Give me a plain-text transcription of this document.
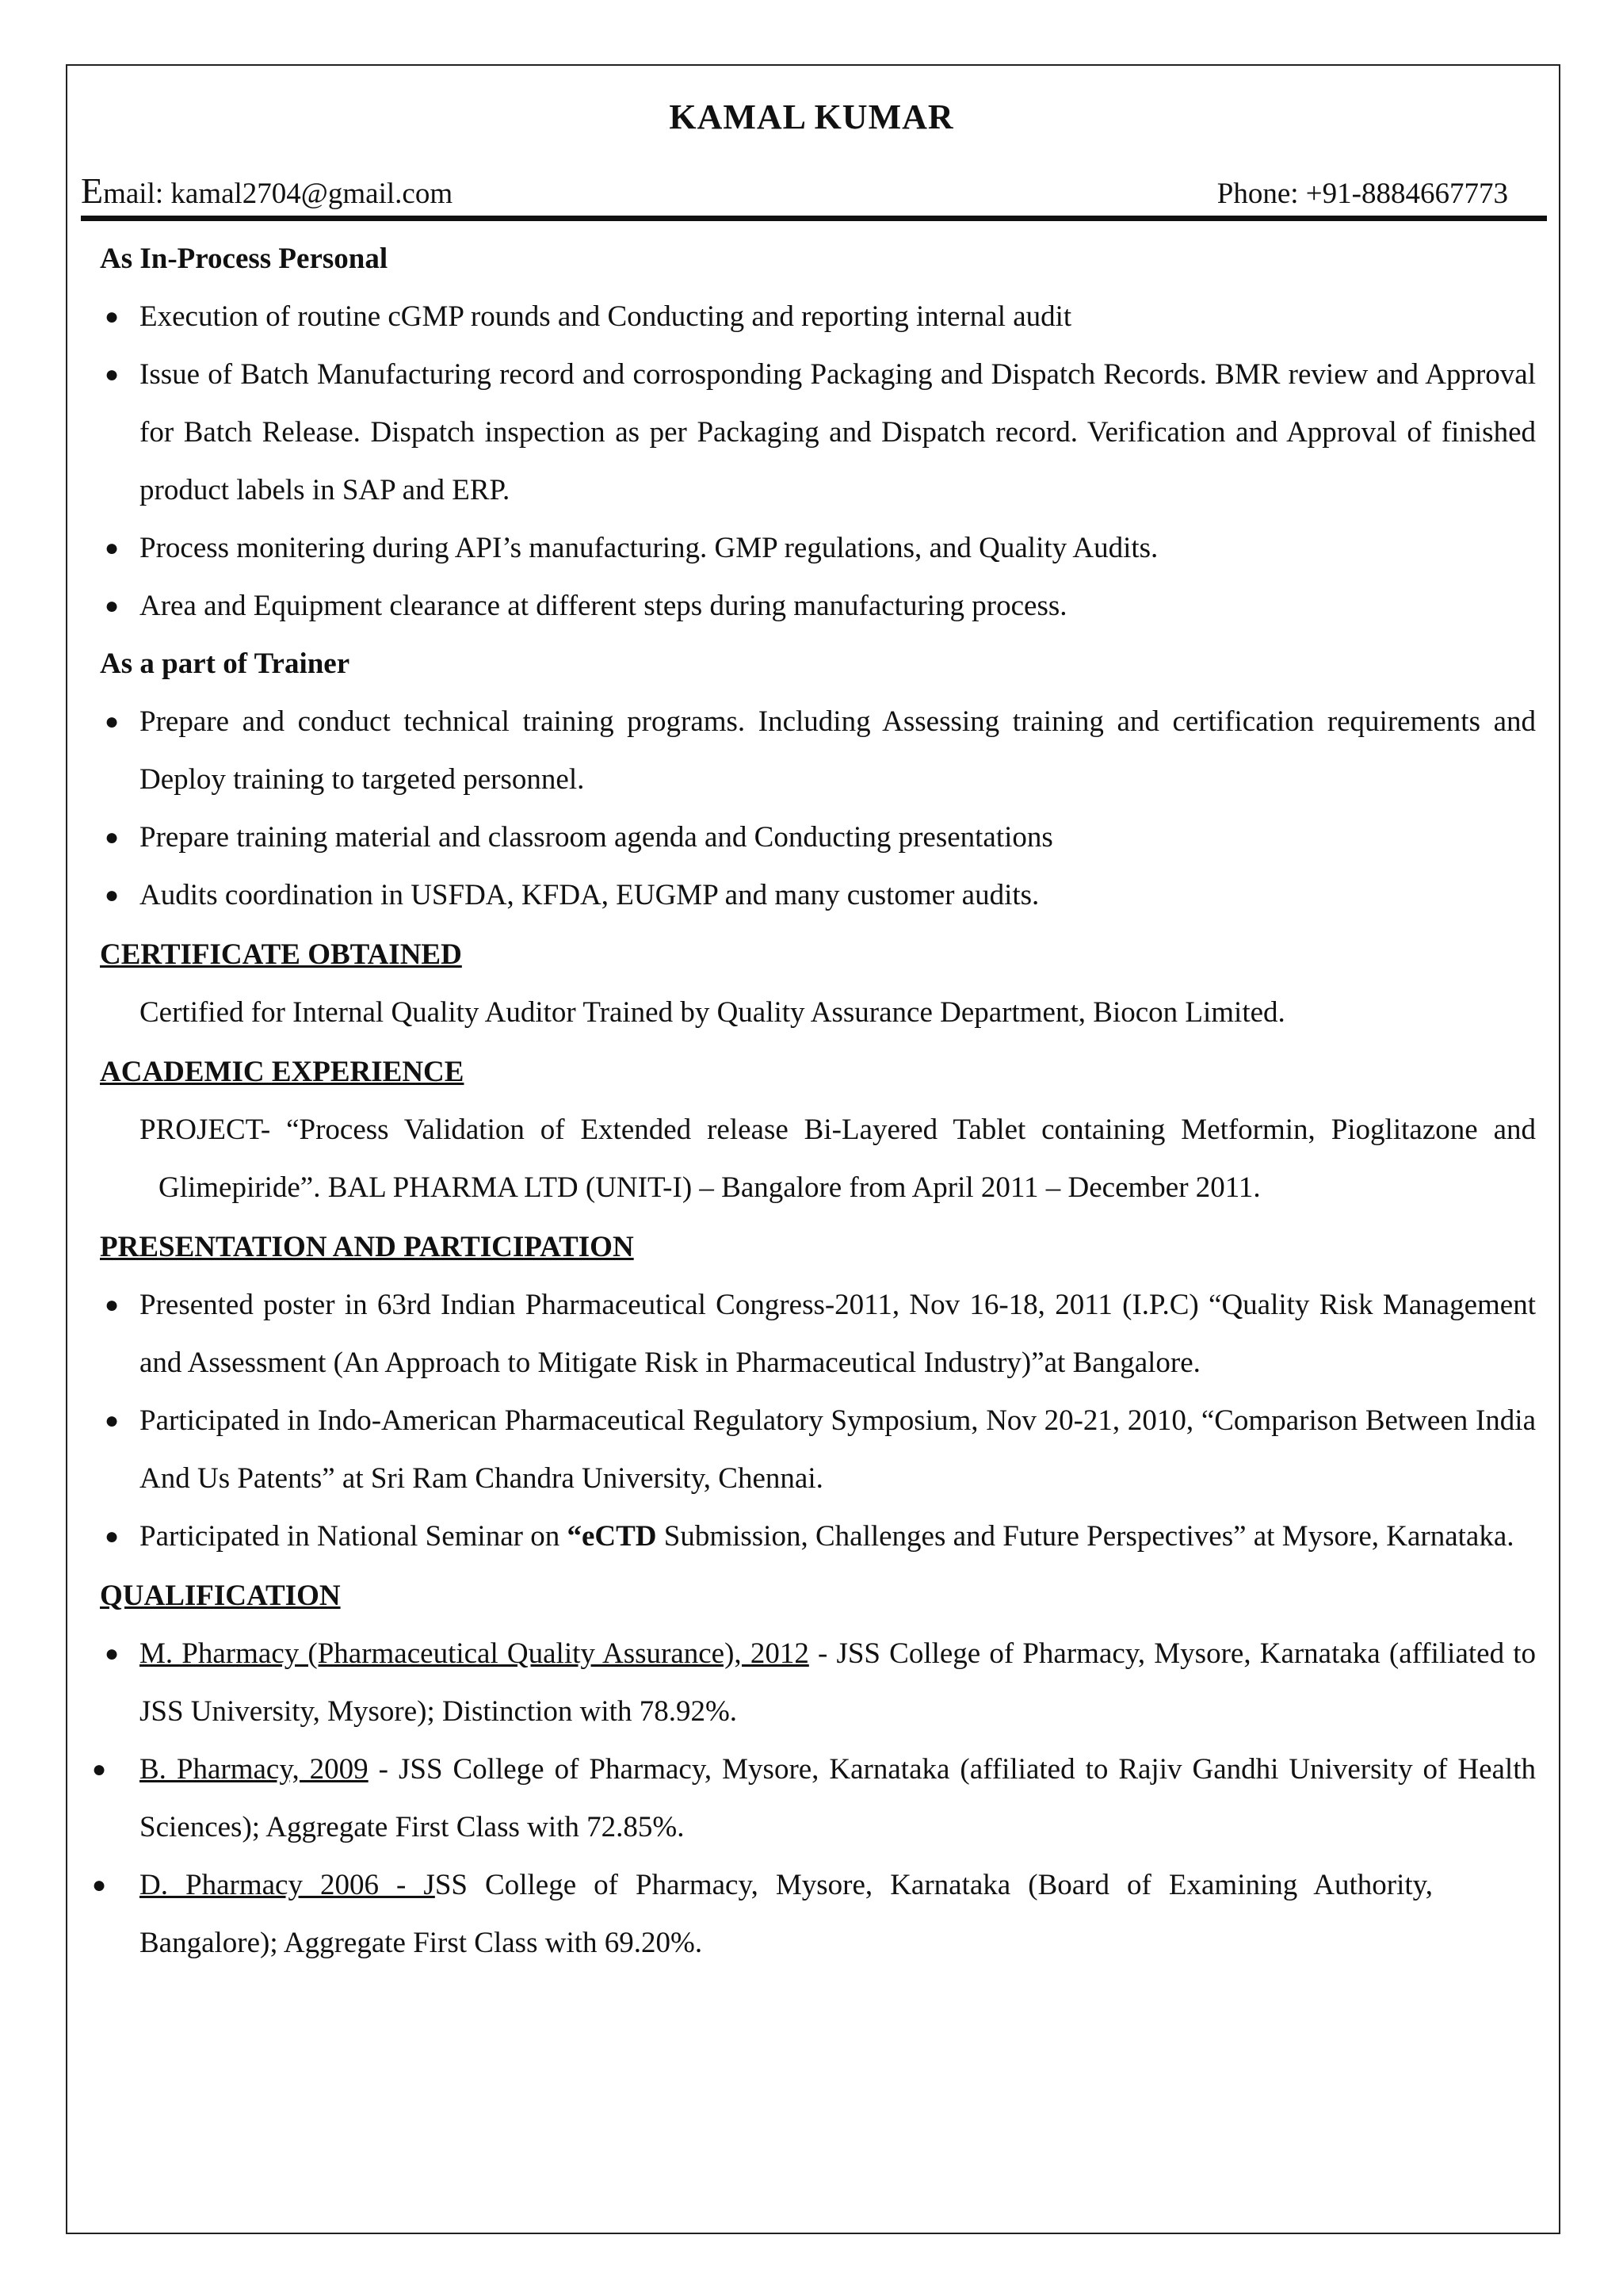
KAMAL KUMAR
Email: kamal2704@gmail.com	Phone: +91-8884667773

As In-Process Personal

● Execution of routine cGMP rounds and Conducting and reporting internal audit
● Issue of Batch Manufacturing record and corrosponding Packaging and Dispatch Records. BMR review and Approval for Batch Release. Dispatch inspection as per Packaging and Dispatch record. Verification and Approval of finished product labels in SAP and ERP.
● Process monitering during API’s manufacturing. GMP regulations, and Quality Audits.
● Area and Equipment clearance at different steps during manufacturing process.

As a part of Trainer

● Prepare and conduct technical training programs. Including Assessing training and certification requirements and Deploy training to targeted personnel.
● Prepare training material and classroom agenda and Conducting presentations
● Audits coordination in USFDA, KFDA, EUGMP and many customer audits.

CERTIFICATE OBTAINED

Certified for Internal Quality Auditor Trained by Quality Assurance Department, Biocon Limited.

ACADEMIC EXPERIENCE

PROJECT- “Process Validation of Extended release Bi-Layered Tablet containing Metformin, Pioglitazone and Glimepiride”. BAL PHARMA LTD (UNIT-I) – Bangalore from April 2011 – December 2011.

PRESENTATION AND PARTICIPATION

● Presented poster in 63rd Indian Pharmaceutical Congress-2011, Nov 16-18, 2011 (I.P.C) “Quality Risk Management and Assessment (An Approach to Mitigate Risk in Pharmaceutical Industry)”at Bangalore.
● Participated in Indo-American Pharmaceutical Regulatory Symposium, Nov 20-21, 2010, “Comparison Between India And Us Patents” at Sri Ram Chandra University, Chennai.
● Participated in National Seminar on “eCTD Submission, Challenges and Future Perspectives” at Mysore, Karnataka.

QUALIFICATION

● M. Pharmacy (Pharmaceutical Quality Assurance), 2012 - JSS College of Pharmacy, Mysore, Karnataka (affiliated to JSS University, Mysore); Distinction with 78.92%.
● B. Pharmacy, 2009 - JSS College of Pharmacy, Mysore, Karnataka (affiliated to Rajiv Gandhi University of Health Sciences); Aggregate First Class with 72.85%.
● D. Pharmacy 2006 - JSS College of Pharmacy, Mysore, Karnataka (Board of Examining Authority, Bangalore); Aggregate First Class with 69.20%.
